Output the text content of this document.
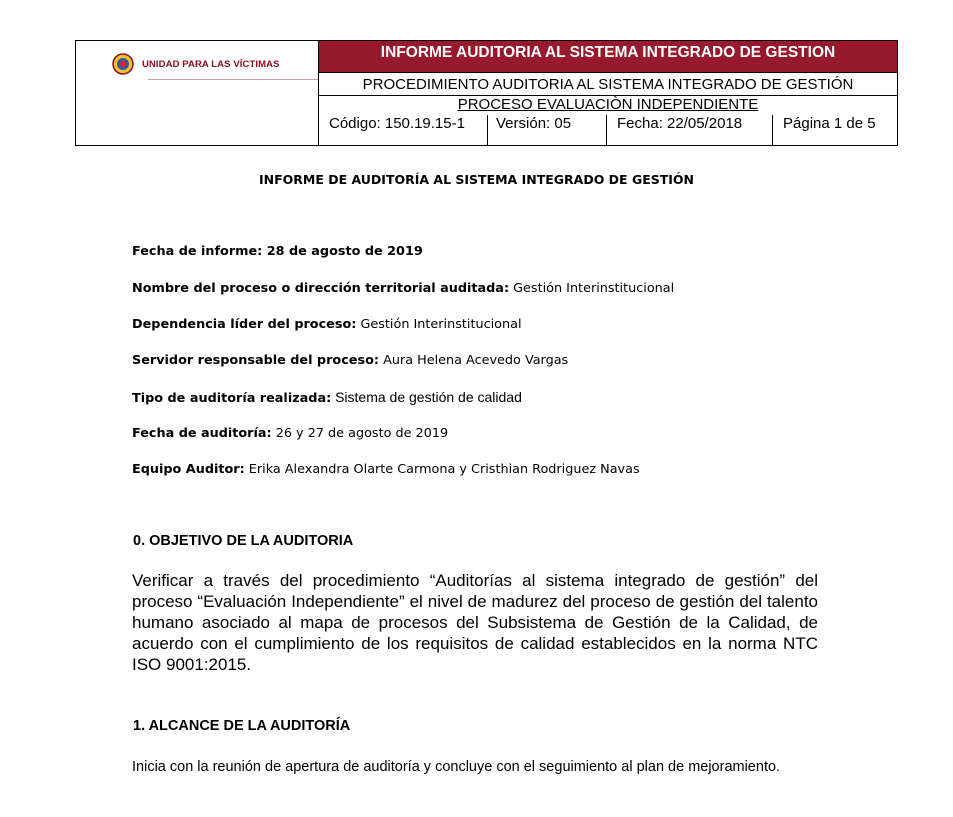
UNIDAD PARA LAS VÍCTIMAS
INFORME AUDITORIA AL SISTEMA INTEGRADO DE GESTION
PROCEDIMIENTO AUDITORIA AL SISTEMA INTEGRADO DE GESTIÓN
PROCESO EVALUACIÒN INDEPENDIENTE
Código: 150.19.15-1	Versión: 05	Fecha: 22/05/2018	Página 1 de 5
INFORME DE AUDITORÍA AL SISTEMA INTEGRADO DE GESTIÓN
Fecha de informe: 28 de agosto de 2019
Nombre del proceso o dirección territorial auditada: Gestión Interinstitucional
Dependencia líder del proceso: Gestión Interinstitucional
Servidor responsable del proceso: Aura Helena Acevedo Vargas
Tipo de auditoría realizada: Sistema de gestión de calidad
Fecha de auditoría: 26 y 27 de agosto de 2019
Equipo Auditor: Erika Alexandra Olarte Carmona y Cristhian Rodriguez Navas
0. OBJETIVO DE LA AUDITORIA
Verificar a través del procedimiento “Auditorías al sistema integrado de gestión” del proceso “Evaluación Independiente” el nivel de madurez del proceso de gestión del talento humano asociado al mapa de procesos del Subsistema de Gestión de la Calidad, de acuerdo con el cumplimiento de los requisitos de calidad establecidos en la norma NTC ISO 9001:2015.
1. ALCANCE DE LA AUDITORÍA
Inicia con la reunión de apertura de auditoría y concluye con el seguimiento al plan de mejoramiento.
